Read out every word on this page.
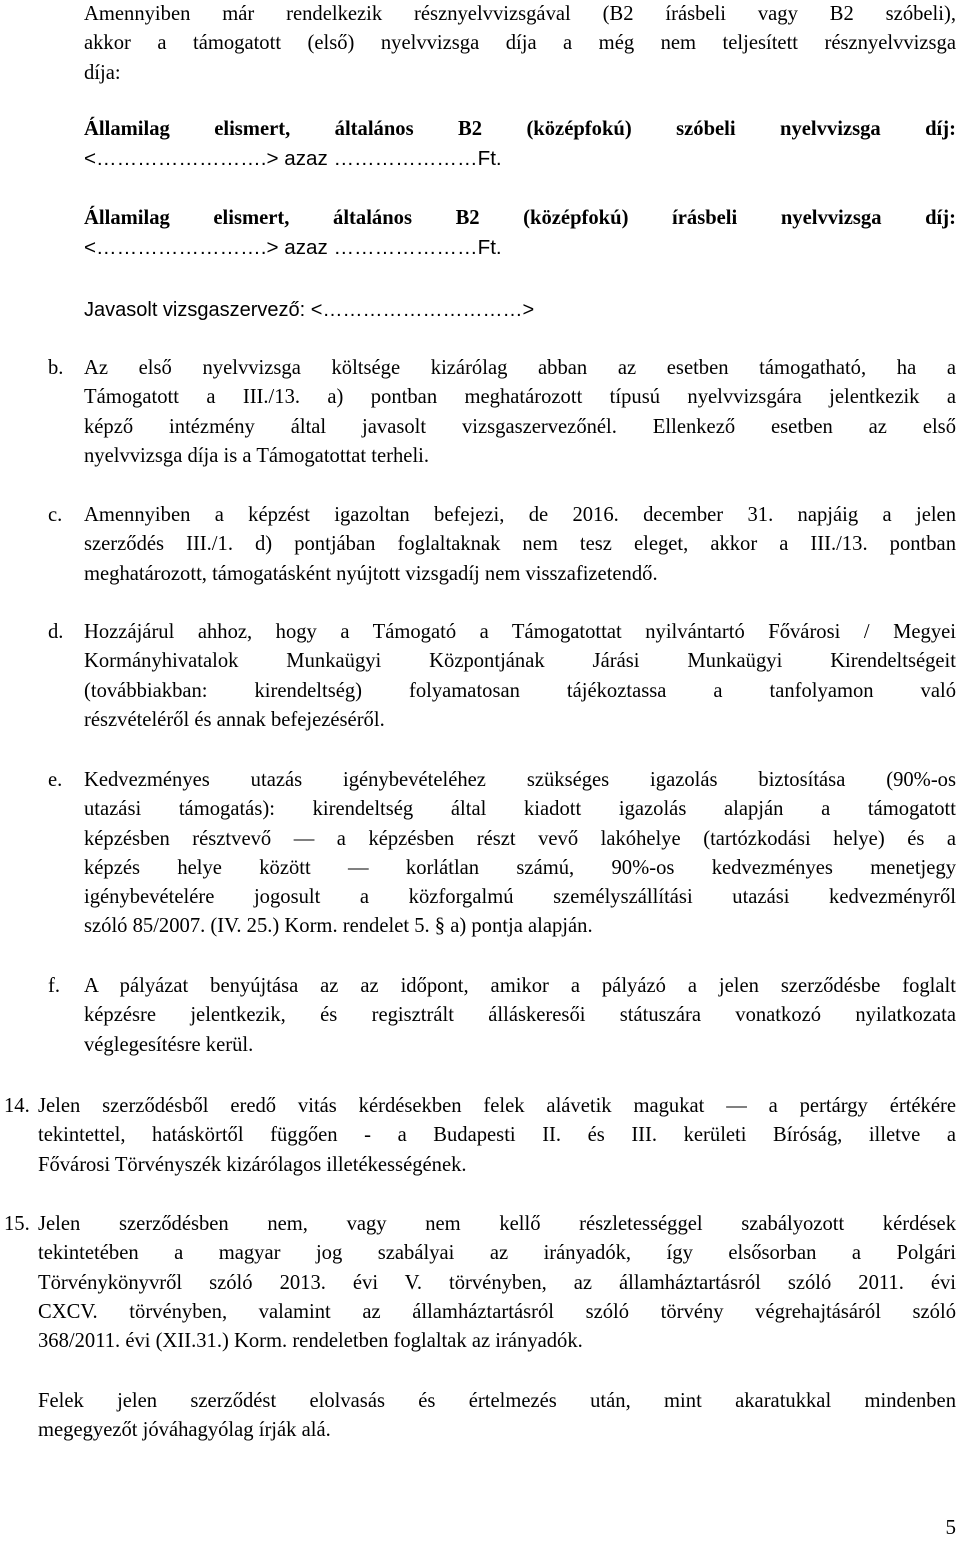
Amennyiben már rendelkezik résznyelvvizsgával (B2 írásbeli vagy B2 szóbeli),
akkor a támogatott (első) nyelvvizsga díja a még nem teljesített résznyelvvizsga
díja:
Államilag elismert, általános B2 (középfokú) szóbeli nyelvvizsga díj:
<…………………….> azaz …………………Ft.
Államilag elismert, általános B2 (középfokú) írásbeli nyelvvizsga díj:
<…………………….> azaz …………………Ft.
Javasolt vizsgaszervező: <…………………………>
b. Az első nyelvvizsga költsége kizárólag abban az esetben támogatható, ha a
Támogatott a III./13. a) pontban meghatározott típusú nyelvvizsgára jelentkezik a
képző intézmény által javasolt vizsgaszervezőnél. Ellenkező esetben az első
nyelvvizsga díja is a Támogatottat terheli.
c. Amennyiben a képzést igazoltan befejezi, de 2016. december 31. napjáig a jelen
szerződés III./1. d) pontjában foglaltaknak nem tesz eleget, akkor a III./13. pontban
meghatározott, támogatásként nyújtott vizsgadíj nem visszafizetendő.
d. Hozzájárul ahhoz, hogy a Támogató a Támogatottat nyilvántartó Fővárosi / Megyei
Kormányhivatalok Munkaügyi Központjának Járási Munkaügyi Kirendeltségeit
(továbbiakban: kirendeltség) folyamatosan tájékoztassa a tanfolyamon való
részvételéről és annak befejezéséről.
e. Kedvezményes utazás igénybevételéhez szükséges igazolás biztosítása (90%-os
utazási támogatás): kirendeltség által kiadott igazolás alapján a támogatott
képzésben résztvevő — a képzésben részt vevő lakóhelye (tartózkodási helye) és a
képzés helye között — korlátlan számú, 90%-os kedvezményes menetjegy
igénybevételére jogosult a közforgalmú személyszállítási utazási kedvezményről
szóló 85/2007. (IV. 25.) Korm. rendelet 5. § a) pontja alapján.
f. A pályázat benyújtása az az időpont, amikor a pályázó a jelen szerződésbe foglalt
képzésre jelentkezik, és regisztrált álláskeresői státuszára vonatkozó nyilatkozata
véglegesítésre kerül.
14. Jelen szerződésből eredő vitás kérdésekben felek alávetik magukat — a pertárgy értékére
tekintettel, hatáskörtől függően - a Budapesti II. és III. kerületi Bíróság, illetve a
Fővárosi Törvényszék kizárólagos illetékességének.
15. Jelen szerződésben nem, vagy nem kellő részletességgel szabályozott kérdések
tekintetében a magyar jog szabályai az irányadók, így elsősorban a Polgári
Törvénykönyvről szóló 2013. évi V. törvényben, az államháztartásról szóló 2011. évi
CXCV. törvényben, valamint az államháztartásról szóló törvény végrehajtásáról szóló
368/2011. évi (XII.31.) Korm. rendeletben foglaltak az irányadók.
Felek jelen szerződést elolvasás és értelmezés után, mint akaratukkal mindenben
megegyezőt jóváhagyólag írják alá.
5
